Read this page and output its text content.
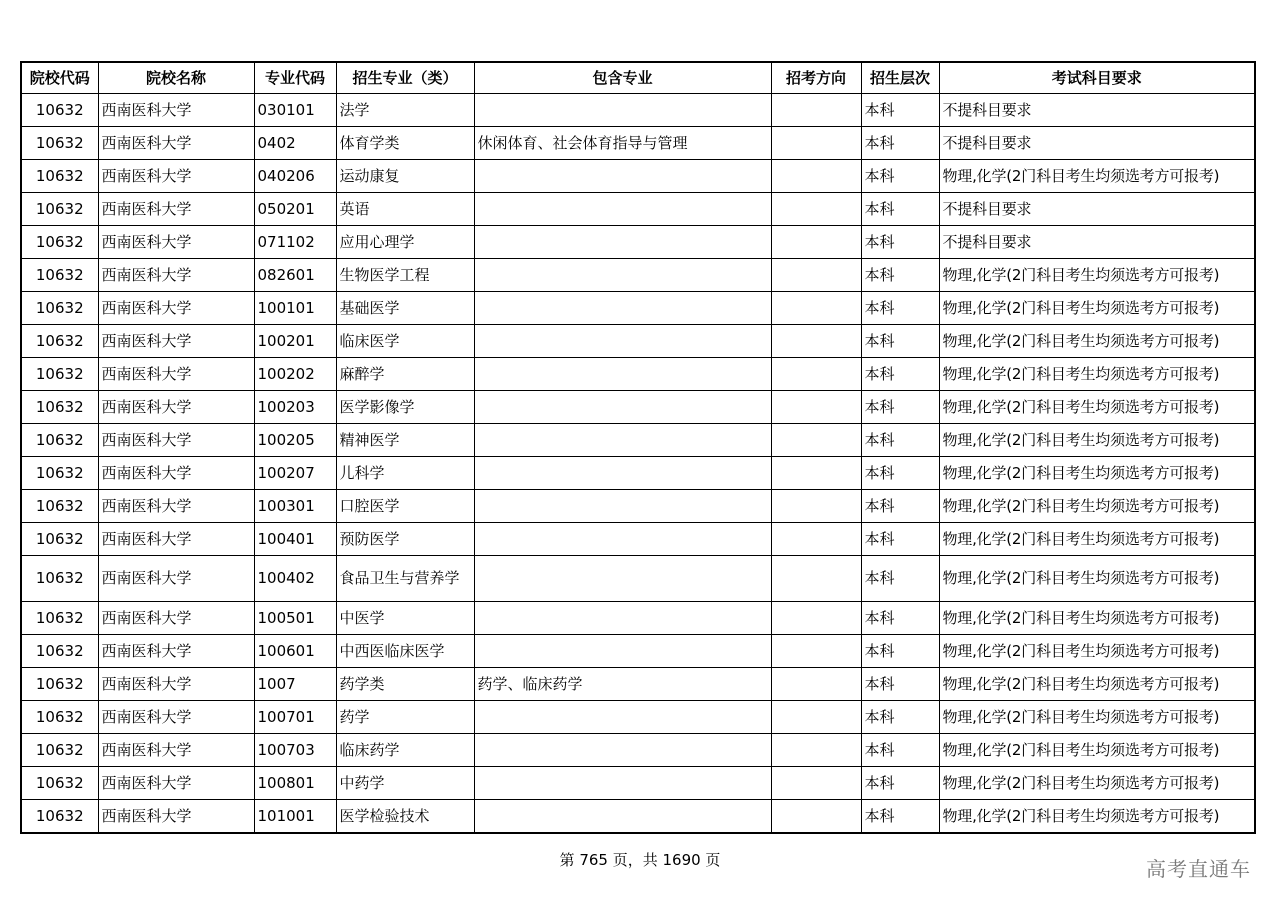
院校代码	院校名称	专业代码	招生专业（类）	包含专业	招考方向	招生层次	考试科目要求
10632	西南医科大学	030101	法学			本科	不提科目要求
10632	西南医科大学	0402	体育学类	休闲体育、社会体育指导与管理		本科	不提科目要求
10632	西南医科大学	040206	运动康复			本科	物理,化学(2门科目考生均须选考方可报考)
10632	西南医科大学	050201	英语			本科	不提科目要求
10632	西南医科大学	071102	应用心理学			本科	不提科目要求
10632	西南医科大学	082601	生物医学工程			本科	物理,化学(2门科目考生均须选考方可报考)
10632	西南医科大学	100101	基础医学			本科	物理,化学(2门科目考生均须选考方可报考)
10632	西南医科大学	100201	临床医学			本科	物理,化学(2门科目考生均须选考方可报考)
10632	西南医科大学	100202	麻醉学			本科	物理,化学(2门科目考生均须选考方可报考)
10632	西南医科大学	100203	医学影像学			本科	物理,化学(2门科目考生均须选考方可报考)
10632	西南医科大学	100205	精神医学			本科	物理,化学(2门科目考生均须选考方可报考)
10632	西南医科大学	100207	儿科学			本科	物理,化学(2门科目考生均须选考方可报考)
10632	西南医科大学	100301	口腔医学			本科	物理,化学(2门科目考生均须选考方可报考)
10632	西南医科大学	100401	预防医学			本科	物理,化学(2门科目考生均须选考方可报考)
10632	西南医科大学	100402	食品卫生与营养学			本科	物理,化学(2门科目考生均须选考方可报考)
10632	西南医科大学	100501	中医学			本科	物理,化学(2门科目考生均须选考方可报考)
10632	西南医科大学	100601	中西医临床医学			本科	物理,化学(2门科目考生均须选考方可报考)
10632	西南医科大学	1007	药学类	药学、临床药学		本科	物理,化学(2门科目考生均须选考方可报考)
10632	西南医科大学	100701	药学			本科	物理,化学(2门科目考生均须选考方可报考)
10632	西南医科大学	100703	临床药学			本科	物理,化学(2门科目考生均须选考方可报考)
10632	西南医科大学	100801	中药学			本科	物理,化学(2门科目考生均须选考方可报考)
10632	西南医科大学	101001	医学检验技术			本科	物理,化学(2门科目考生均须选考方可报考)
第 765 页，共 1690 页	高考直通车
